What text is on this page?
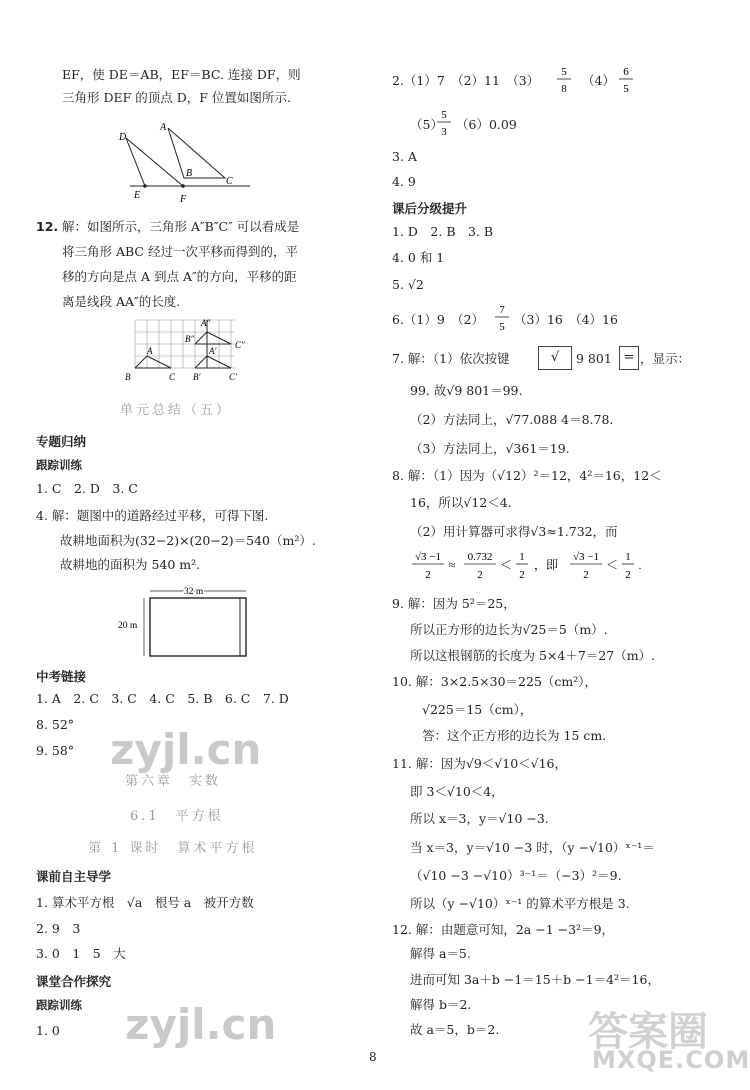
EF，使 DE＝AB，EF＝BC. 连接 DF，则
三角形 DEF 的顶点 D，F 位置如图所示.
D
A
B
C
E	F
12. 解：如图所示，三角形 A″B″C″ 可以看成是
将三角形 ABC 经过一次平移而得到的，平
移的方向是点 A 到点 A″的方向，平移的距
离是线段 AA″的长度.
A″
B″
C″
A	A′
B	C B′	C′
单元总结（五）
专题归纳
跟踪训练
1. C　2. D　3. C
4. 解：题图中的道路经过平移，可得下图.
故耕地面积为(32−2)×(20−2)＝540（m²）.
故耕地的面积为 540 m².
32 m
20 m
中考链接
1. A　2. C　3. C　4. C　5. B　6. C　7. D
8. 52°
9. 58° zyjl.cn
第六章　实数
6.1　平方根
第 1 课时　算术平方根
课前自主导学
1. 算术平方根　√a　根号 a　被开方数
2. 9　3
3. 0　1　5　大
课堂合作探究
跟踪训练
1. 0 zyjl.cn
2.（1）7　（2）11　（3）
5
8
（4）
6
5
（5）
5
3 （6）0.09
3. A
4. 9
课后分级提升
1. D　2. B　3. B
4. 0 和 1
5. √2
6.（1）9　（2）
7
5 （3）16　（4）16
7. 解：（1）依次按键	√	9 801 = ，显示：
99. 故√9 801＝99.
（2）方法同上，√77.088 4＝8.78.
（3）方法同上，√361＝19.
8. 解：（1）因为（√12）²＝12，4²＝16，12＜
16，所以√12＜4.
（2）用计算器可求得√3≈1.732，而
√3 −1
2
≈
0.732
2
＜
1
2
，即
√3 −1
2
＜
1
2
.
9. 解：因为 5²＝25，
所以正方形的边长为√25＝5（m）.
所以这根钢筋的长度为 5×4＋7＝27（m）.
10. 解：3×2.5×30＝225（cm²），
√225＝15（cm），
答：这个正方形的边长为 15 cm.
11. 解：因为√9＜√10＜√16，
即 3＜√10＜4，
所以 x＝3，y＝√10 −3.
当 x＝3，y＝√10 −3 时，（y −√10）ˣ⁻¹＝
（√10 −3 −√10）³⁻¹＝（−3）²＝9.
所以（y −√10）ˣ⁻¹ 的算术平方根是 3.
12. 解：由题意可知，2a −1 −3²＝9，
解得 a＝5.
进而可知 3a＋b −1＝15＋b −1＝4²＝16，
解得 b＝2.
故 a＝5，b＝2. 答案圈
MXQE.COM
8
